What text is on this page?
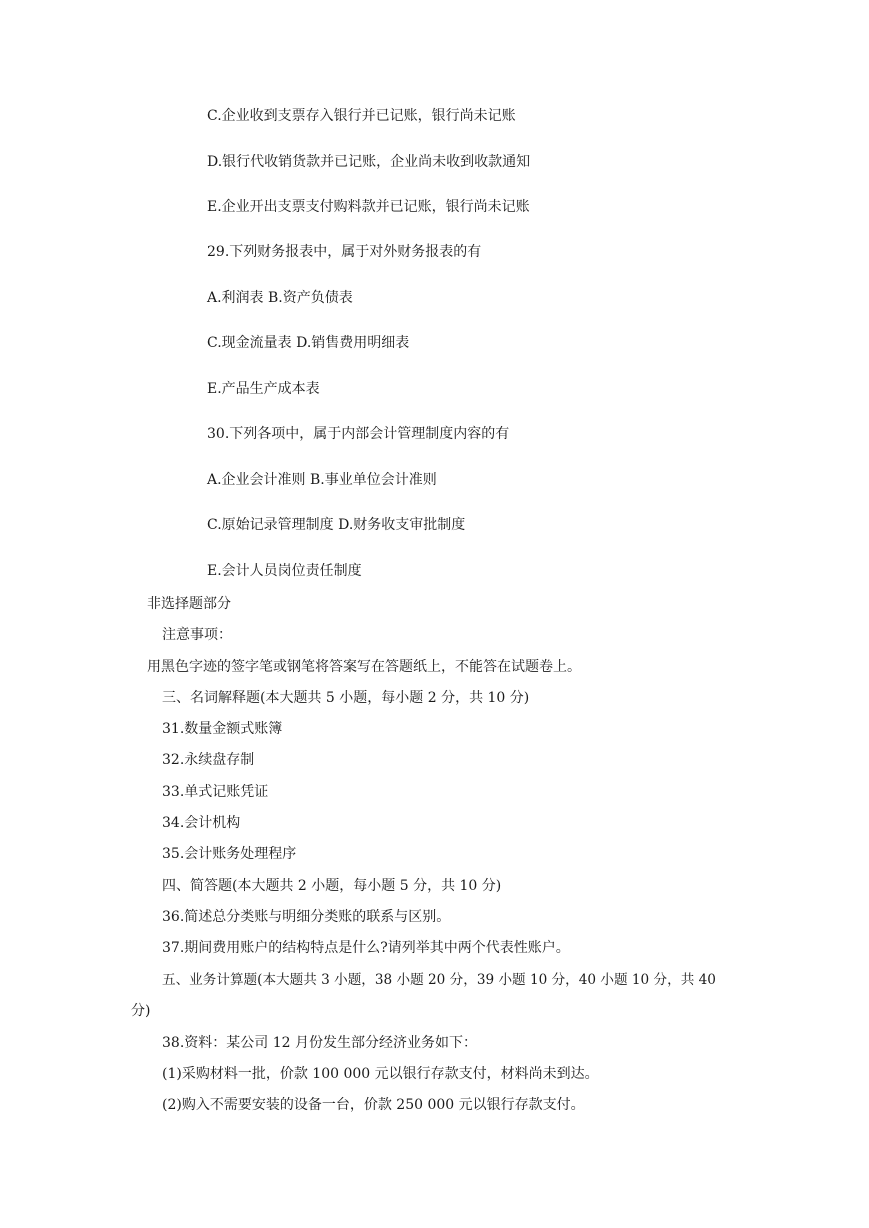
C.企业收到支票存入银行并已记账，银行尚未记账

D.银行代收销货款并已记账，企业尚未收到收款通知

E.企业开出支票支付购料款并已记账，银行尚未记账

29.下列财务报表中，属于对外财务报表的有

A.利润表 B.资产负债表

C.现金流量表 D.销售费用明细表

E.产品生产成本表

30.下列各项中，属于内部会计管理制度内容的有

A.企业会计准则 B.事业单位会计准则

C.原始记录管理制度 D.财务收支审批制度

E.会计人员岗位责任制度

非选择题部分

注意事项：

用黑色字迹的签字笔或钢笔将答案写在答题纸上，不能答在试题卷上。

三、名词解释题(本大题共 5 小题，每小题 2 分，共 10 分)

31.数量金额式账簿

32.永续盘存制

33.单式记账凭证

34.会计机构

35.会计账务处理程序

四、简答题(本大题共 2 小题，每小题 5 分，共 10 分)

36.简述总分类账与明细分类账的联系与区别。

37.期间费用账户的结构特点是什么?请列举其中两个代表性账户。

五、业务计算题(本大题共 3 小题，38 小题 20 分，39 小题 10 分，40 小题 10 分，共 40

分)

38.资料：某公司 12 月份发生部分经济业务如下：

(1)采购材料一批，价款 100 000 元以银行存款支付，材料尚未到达。

(2)购入不需要安装的设备一台，价款 250 000 元以银行存款支付。
